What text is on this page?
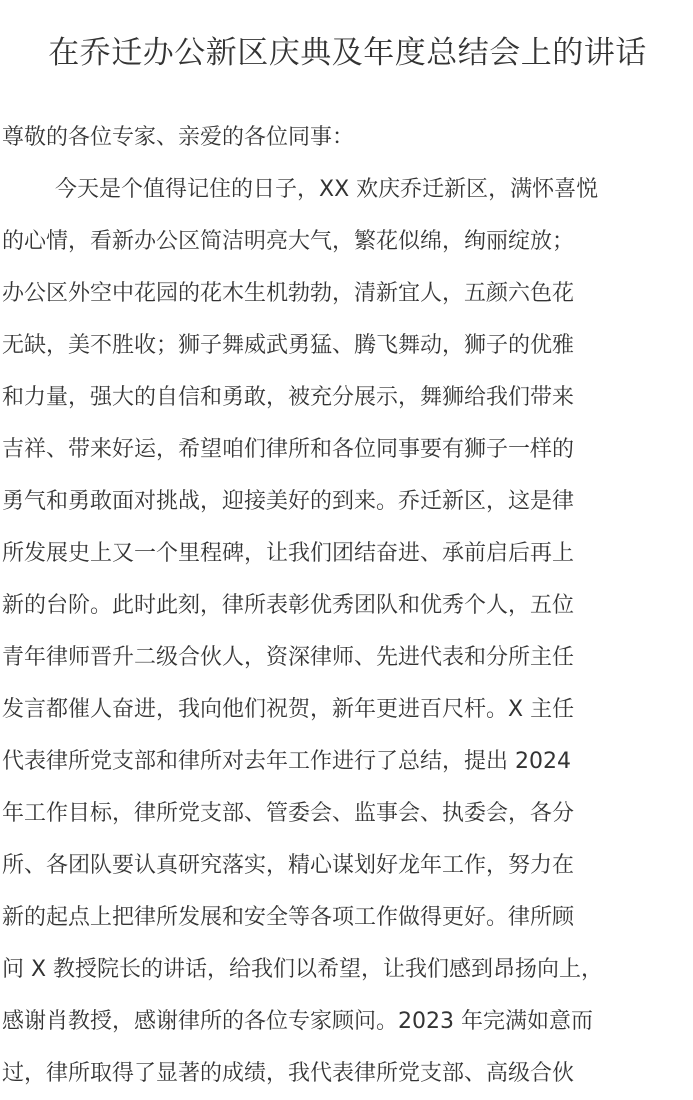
在乔迁办公新区庆典及年度总结会上的讲话
尊敬的各位专家、亲爱的各位同事：
今天是个值得记住的日子，XX 欢庆乔迁新区，满怀喜悦
的心情，看新办公区简洁明亮大气，繁花似绵，绚丽绽放；
办公区外空中花园的花木生机勃勃，清新宜人，五颜六色花
无缺，美不胜收；狮子舞威武勇猛、腾飞舞动，狮子的优雅
和力量，强大的自信和勇敢，被充分展示，舞狮给我们带来
吉祥、带来好运，希望咱们律所和各位同事要有狮子一样的
勇气和勇敢面对挑战，迎接美好的到来。乔迁新区，这是律
所发展史上又一个里程碑，让我们团结奋进、承前启后再上
新的台阶。此时此刻，律所表彰优秀团队和优秀个人，五位
青年律师晋升二级合伙人，资深律师、先进代表和分所主任
发言都催人奋进，我向他们祝贺，新年更进百尺杆。X 主任
代表律所党支部和律所对去年工作进行了总结，提出 2024
年工作目标，律所党支部、管委会、监事会、执委会，各分
所、各团队要认真研究落实，精心谋划好龙年工作，努力在
新的起点上把律所发展和安全等各项工作做得更好。律所顾
问 X 教授院长的讲话，给我们以希望，让我们感到昂扬向上，
感谢肖教授，感谢律所的各位专家顾问。2023 年完满如意而
过，律所取得了显著的成绩，我代表律所党支部、高级合伙
